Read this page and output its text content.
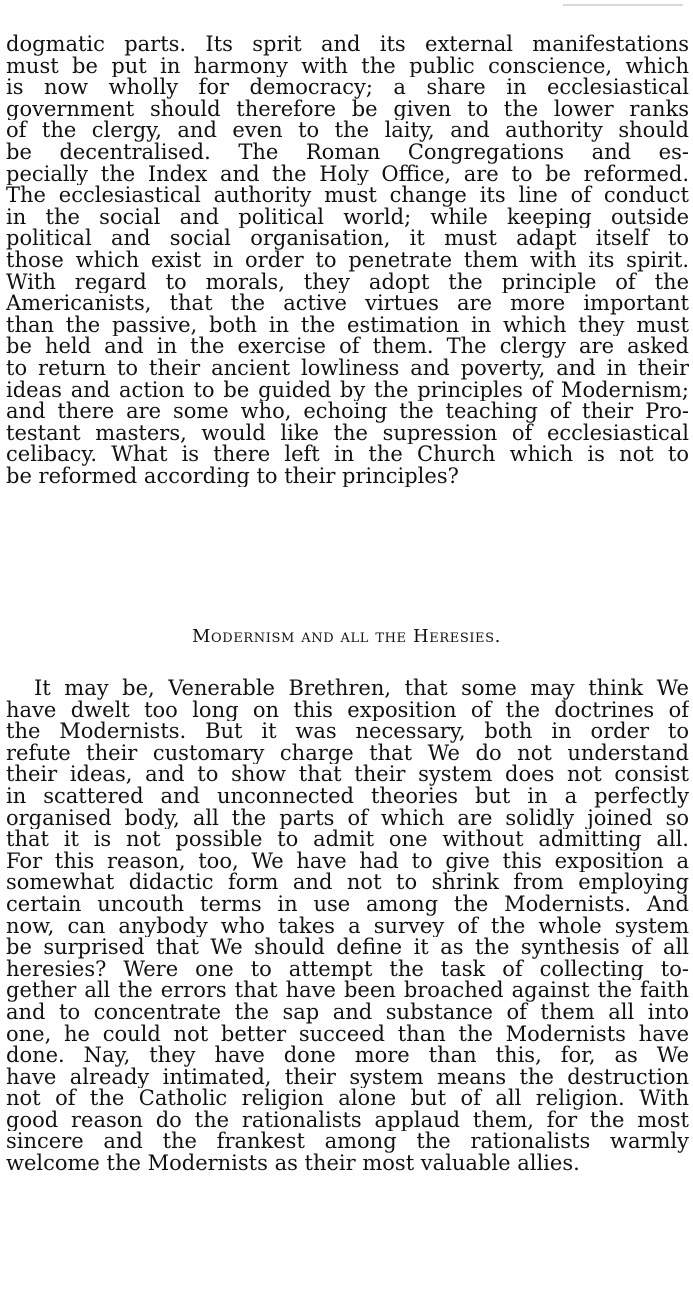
dogmatic parts. Its sprit and its external manifestations
must be put in harmony with the public conscience, which
is now wholly for democracy; a share in ecclesiastical
government should therefore be given to the lower ranks
of the clergy, and even to the laity, and authority should
be decentralised. The Roman Congregations and es-
pecially the Index and the Holy Office, are to be reformed.
The ecclesiastical authority must change its line of conduct
in the social and political world; while keeping outside
political and social organisation, it must adapt itself to
those which exist in order to penetrate them with its spirit.
With regard to morals, they adopt the principle of the
Americanists, that the active virtues are more important
than the passive, both in the estimation in which they must
be held and in the exercise of them. The clergy are asked
to return to their ancient lowliness and poverty, and in their
ideas and action to be guided by the principles of Modernism;
and there are some who, echoing the teaching of their Pro-
testant masters, would like the supression of ecclesiastical
celibacy. What is there left in the Church which is not to
be reformed according to their principles?
Modernism and all the Heresies.
It may be, Venerable Brethren, that some may think We
have dwelt too long on this exposition of the doctrines of
the Modernists. But it was necessary, both in order to
refute their customary charge that We do not understand
their ideas, and to show that their system does not consist
in scattered and unconnected theories but in a perfectly
organised body, all the parts of which are solidly joined so
that it is not possible to admit one without admitting all.
For this reason, too, We have had to give this exposition a
somewhat didactic form and not to shrink from employing
certain uncouth terms in use among the Modernists. And
now, can anybody who takes a survey of the whole system
be surprised that We should define it as the synthesis of all
heresies? Were one to attempt the task of collecting to-
gether all the errors that have been broached against the faith
and to concentrate the sap and substance of them all into
one, he could not better succeed than the Modernists have
done. Nay, they have done more than this, for, as We
have already intimated, their system means the destruction
not of the Catholic religion alone but of all religion. With
good reason do the rationalists applaud them, for the most
sincere and the frankest among the rationalists warmly
welcome the Modernists as their most valuable allies.
